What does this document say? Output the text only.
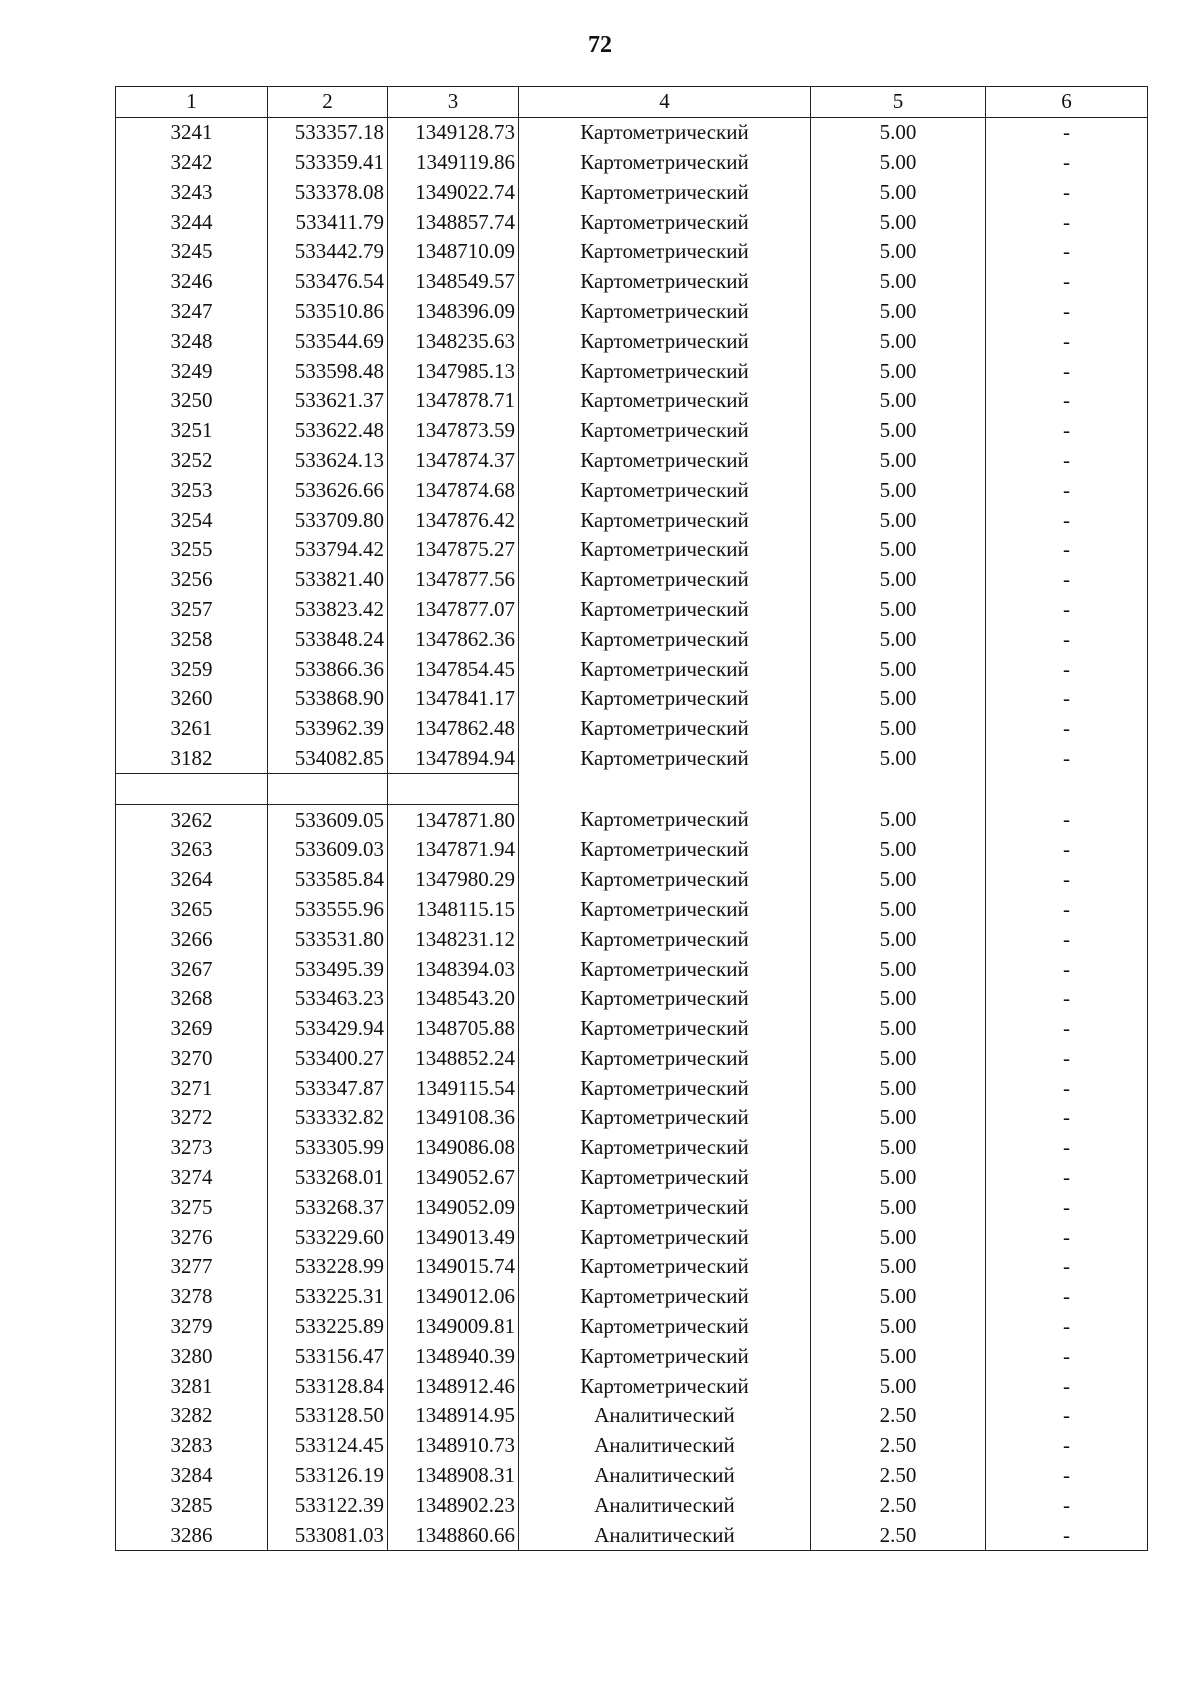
72
1	2	3	4	5	6
3241	533357.18	1349128.73	Картометрический	5.00	-
3242	533359.41	1349119.86	Картометрический	5.00	-
3243	533378.08	1349022.74	Картометрический	5.00	-
3244	533411.79	1348857.74	Картометрический	5.00	-
3245	533442.79	1348710.09	Картометрический	5.00	-
3246	533476.54	1348549.57	Картометрический	5.00	-
3247	533510.86	1348396.09	Картометрический	5.00	-
3248	533544.69	1348235.63	Картометрический	5.00	-
3249	533598.48	1347985.13	Картометрический	5.00	-
3250	533621.37	1347878.71	Картометрический	5.00	-
3251	533622.48	1347873.59	Картометрический	5.00	-
3252	533624.13	1347874.37	Картометрический	5.00	-
3253	533626.66	1347874.68	Картометрический	5.00	-
3254	533709.80	1347876.42	Картометрический	5.00	-
3255	533794.42	1347875.27	Картометрический	5.00	-
3256	533821.40	1347877.56	Картометрический	5.00	-
3257	533823.42	1347877.07	Картометрический	5.00	-
3258	533848.24	1347862.36	Картометрический	5.00	-
3259	533866.36	1347854.45	Картометрический	5.00	-
3260	533868.90	1347841.17	Картометрический	5.00	-
3261	533962.39	1347862.48	Картометрический	5.00	-
3182	534082.85	1347894.94	Картометрический	5.00	-

3262	533609.05	1347871.80	Картометрический	5.00	-
3263	533609.03	1347871.94	Картометрический	5.00	-
3264	533585.84	1347980.29	Картометрический	5.00	-
3265	533555.96	1348115.15	Картометрический	5.00	-
3266	533531.80	1348231.12	Картометрический	5.00	-
3267	533495.39	1348394.03	Картометрический	5.00	-
3268	533463.23	1348543.20	Картометрический	5.00	-
3269	533429.94	1348705.88	Картометрический	5.00	-
3270	533400.27	1348852.24	Картометрический	5.00	-
3271	533347.87	1349115.54	Картометрический	5.00	-
3272	533332.82	1349108.36	Картометрический	5.00	-
3273	533305.99	1349086.08	Картометрический	5.00	-
3274	533268.01	1349052.67	Картометрический	5.00	-
3275	533268.37	1349052.09	Картометрический	5.00	-
3276	533229.60	1349013.49	Картометрический	5.00	-
3277	533228.99	1349015.74	Картометрический	5.00	-
3278	533225.31	1349012.06	Картометрический	5.00	-
3279	533225.89	1349009.81	Картометрический	5.00	-
3280	533156.47	1348940.39	Картометрический	5.00	-
3281	533128.84	1348912.46	Картометрический	5.00	-
3282	533128.50	1348914.95	Аналитический	2.50	-
3283	533124.45	1348910.73	Аналитический	2.50	-
3284	533126.19	1348908.31	Аналитический	2.50	-
3285	533122.39	1348902.23	Аналитический	2.50	-
3286	533081.03	1348860.66	Аналитический	2.50	-
